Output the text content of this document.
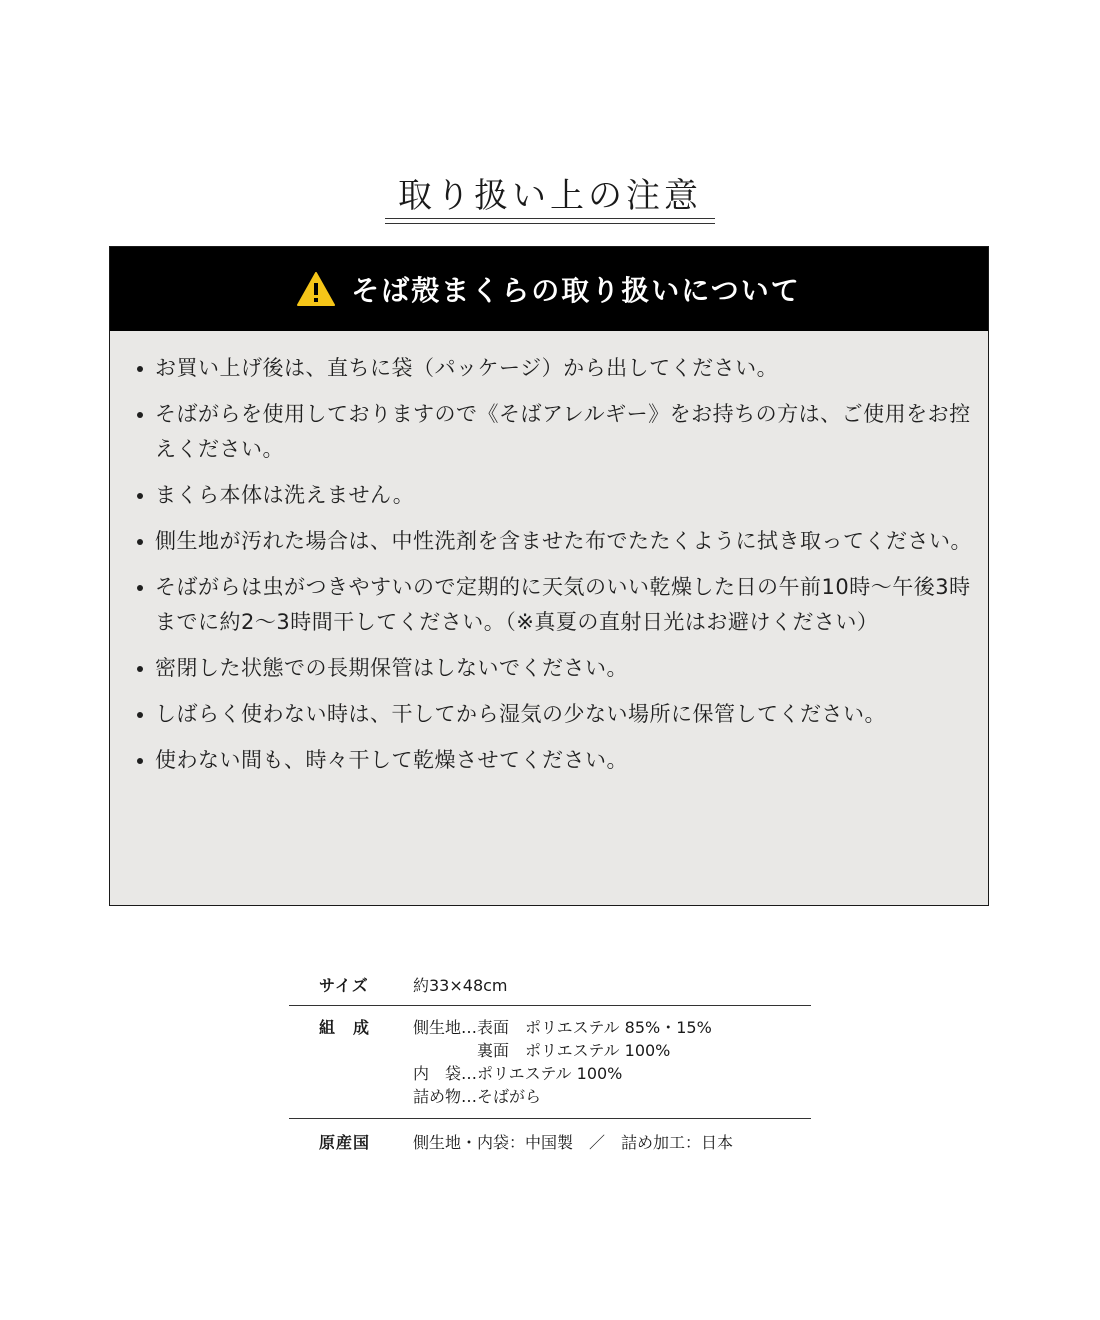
取り扱い上の注意
そば殻まくらの取り扱いについて
お買い上げ後は、直ちに袋（パッケージ）から出してください。
そばがらを使用しておりますので《そばアレルギー》をお持ちの方は、ご使用をお控えください。
まくら本体は洗えません。
側生地が汚れた場合は、中性洗剤を含ませた布でたたくように拭き取ってください。
そばがらは虫がつきやすいので定期的に天気のいい乾燥した日の午前10時〜午後3時までに約2〜3時間干してください。（※真夏の直射日光はお避けください）
密閉した状態での長期保管はしないでください。
しばらく使わない時は、干してから湿気の少ない場所に保管してください。
使わない間も、時々干して乾燥させてください。
サイズ	約33×48cm
組　成	側生地…表面　ポリエステル 85%・15%
　　　　裏面　ポリエステル 100%
内　袋…ポリエステル 100%
詰め物…そばがら
原産国	側生地・内袋：中国製　／　詰め加工：日本
